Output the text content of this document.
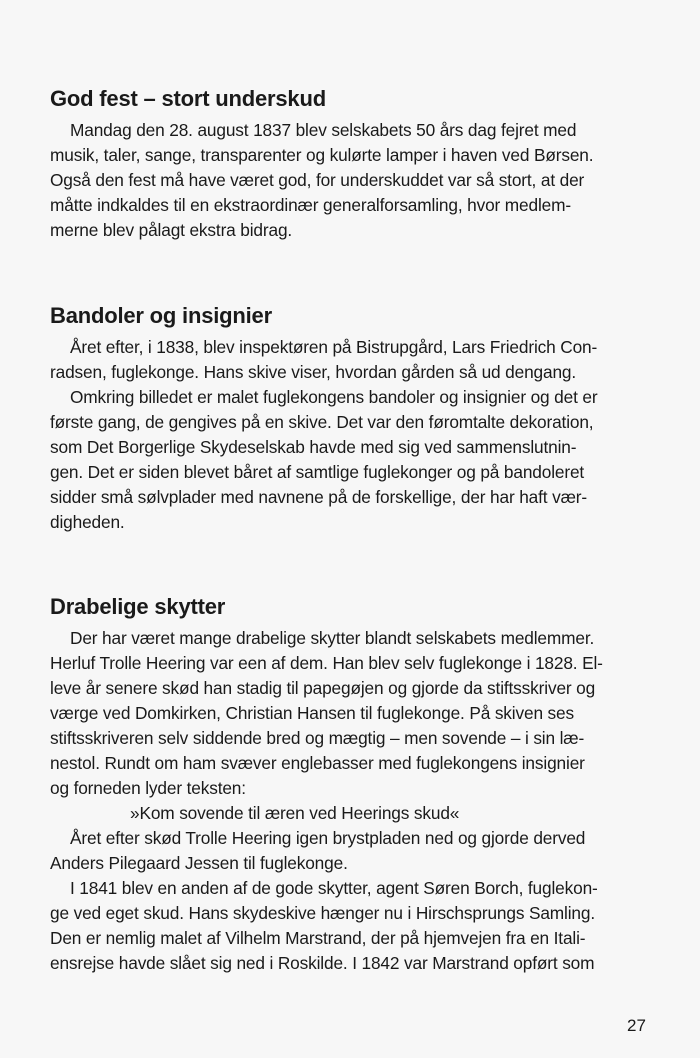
God fest – stort underskud
Mandag den 28. august 1837 blev selskabets 50 års dag fejret med
musik, taler, sange, transparenter og kulørte lamper i haven ved Børsen.
Også den fest må have været god, for underskuddet var så stort, at der
måtte indkaldes til en ekstraordinær generalforsamling, hvor medlem-
merne blev pålagt ekstra bidrag.
Bandoler og insignier
Året efter, i 1838, blev inspektøren på Bistrupgård, Lars Friedrich Con-
radsen, fuglekonge. Hans skive viser, hvordan gården så ud dengang.
Omkring billedet er malet fuglekongens bandoler og insignier og det er
første gang, de gengives på en skive. Det var den føromtalte dekoration,
som Det Borgerlige Skydeselskab havde med sig ved sammenslutnin-
gen. Det er siden blevet båret af samtlige fuglekonger og på bandoleret
sidder små sølvplader med navnene på de forskellige, der har haft vær-
digheden.
Drabelige skytter
Der har været mange drabelige skytter blandt selskabets medlemmer.
Herluf Trolle Heering var een af dem. Han blev selv fuglekonge i 1828. El-
leve år senere skød han stadig til papegøjen og gjorde da stiftsskriver og
værge ved Domkirken, Christian Hansen til fuglekonge. På skiven ses
stiftsskriveren selv siddende bred og mægtig – men sovende – i sin læ-
nestol. Rundt om ham svæver englebasser med fuglekongens insignier
og forneden lyder teksten:
»Kom sovende til æren ved Heerings skud«
Året efter skød Trolle Heering igen brystpladen ned og gjorde derved
Anders Pilegaard Jessen til fuglekonge.
I 1841 blev en anden af de gode skytter, agent Søren Borch, fuglekon-
ge ved eget skud. Hans skydeskive hænger nu i Hirschsprungs Samling.
Den er nemlig malet af Vilhelm Marstrand, der på hjemvejen fra en Itali-
ensrejse havde slået sig ned i Roskilde. I 1842 var Marstrand opført som
27
